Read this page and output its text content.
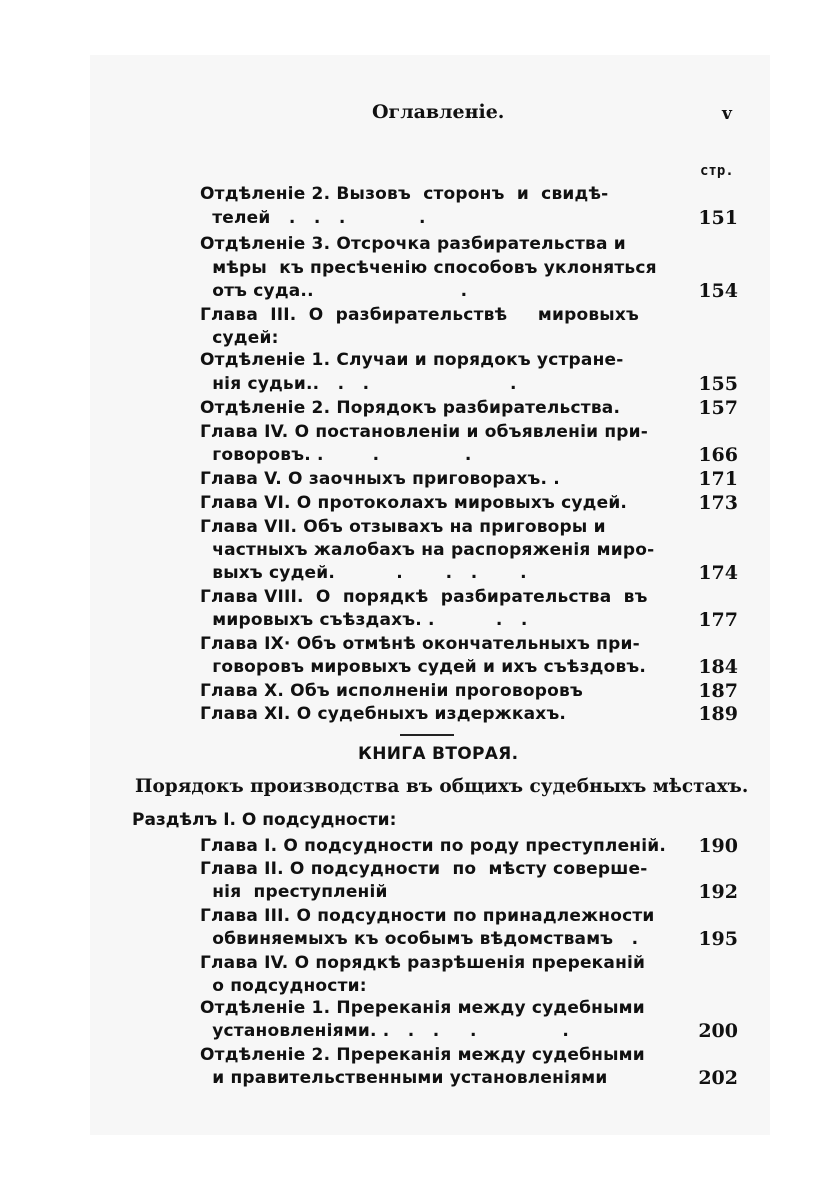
Оглавленіе.	v
стр.
Отдѣленіе 2. Вызовъ  сторонъ  и  свидѣ-
телей   .   .   .            .	151
Отдѣленіе 3. Отсрочка разбирательства и
мѣры  къ пресѣченію способовъ уклоняться
отъ суда..                        .	154
Глава  III.  О  разбирательствѣ     мировыхъ
судей:
Отдѣленіе 1. Случаи и порядокъ устране-
нія судьи..   .   .                       .	155
Отдѣленіе 2. Порядокъ разбирательства.	157
Глава IV. О постановленіи и объявленіи при-
говоровъ. .        .              .	166
Глава V. О заочныхъ приговорахъ. .	171
Глава VI. О протоколахъ мировыхъ судей.	173
Глава VII. Объ отзывахъ на приговоры и
частныхъ жалобахъ на распоряженія миро-
выхъ судей.          .       .   .       .	174
Глава VIII.  О  порядкѣ  разбирательства  въ
мировыхъ съѣздахъ. .          .   .	177
Глава IX· Объ отмѣнѣ окончательныхъ при-
говоровъ мировыхъ судей и ихъ съѣздовъ.	184
Глава X. Объ исполненіи проговоровъ	187
Глава XI. О судебныхъ издержкахъ.	189
КНИГА ВТОРАЯ.
Порядокъ производства въ общихъ судебныхъ мѣстахъ.
Раздѣлъ I. О подсудности:
Глава I. О подсудности по роду преступленій.	190
Глава II. О подсудности  по  мѣсту соверше-
нія  преступленій	192
Глава III. О подсудности по принадлежности
обвиняемыхъ къ особымъ вѣдомствамъ   .	195
Глава IV. О порядкѣ разрѣшенія пререканій
о подсудности:
Отдѣленіе 1. Пререканія между судебными
установленіями. .   .   .     .              .	200
Отдѣленіе 2. Пререканія между судебными
и правительственными установленіями	202
